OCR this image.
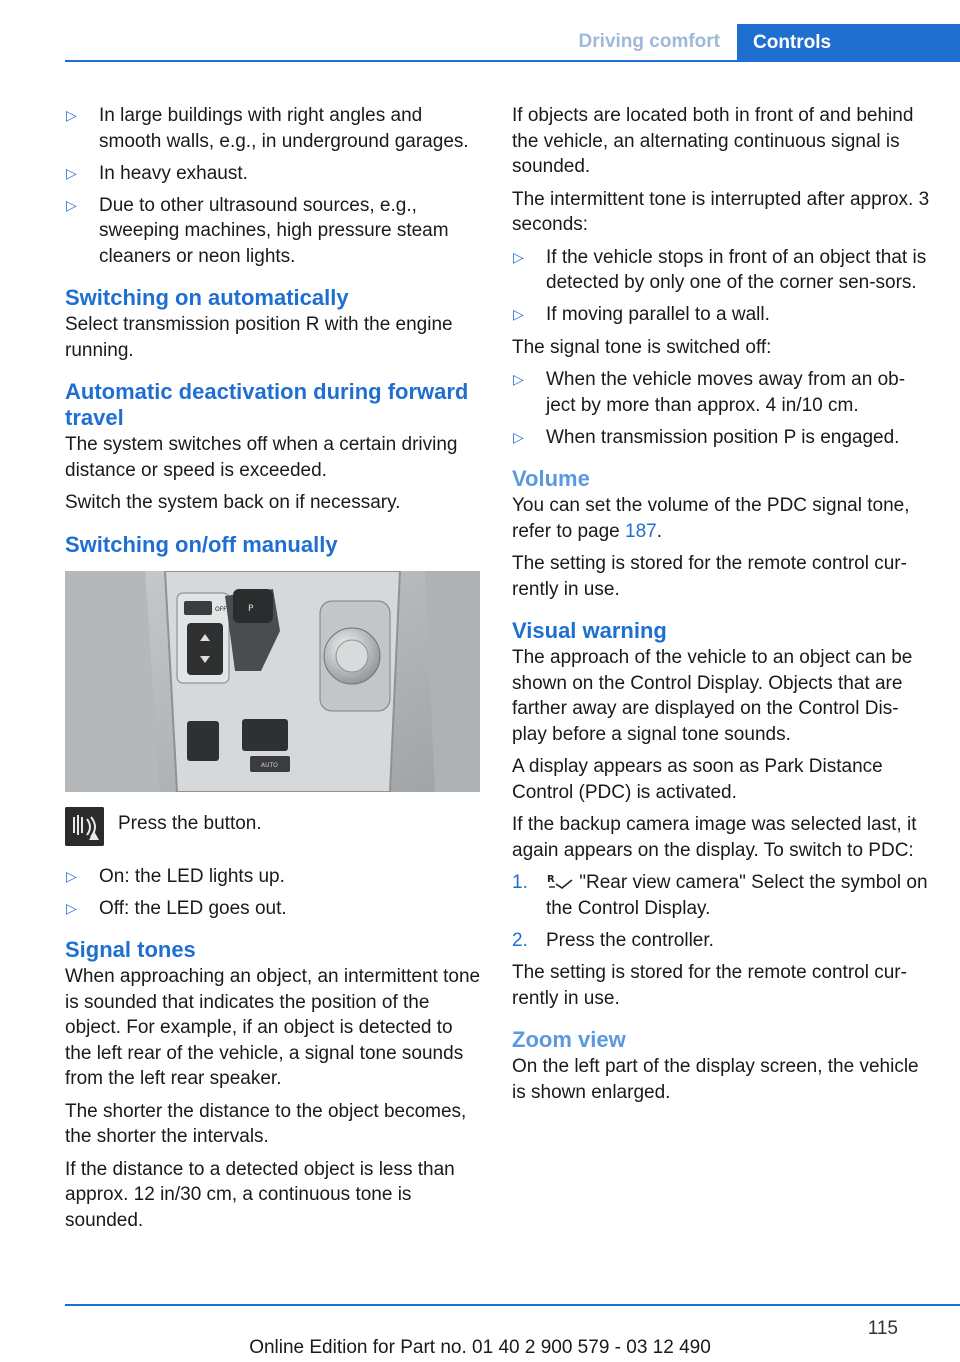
Driving comfort	Controls
▷ In large buildings with right angles and smooth walls, e.g., in underground garages.
▷ In heavy exhaust.
▷ Due to other ultrasound sources, e.g., sweeping machines, high pressure steam cleaners or neon lights.
Switching on automatically

Select transmission position R with the engine running.

Automatic deactivation during forward travel

The system switches off when a certain driving distance or speed is exceeded.

Switch the system back on if necessary.

Switching on/off manually
OFF P
AUTO
Press the button.
▷ On: the LED lights up.
▷ Off: the LED goes out.
Signal tones

When approaching an object, an intermittent tone is sounded that indicates the position of the object. For example, if an object is detected to the left rear of the vehicle, a signal tone sounds from the left rear speaker.

The shorter the distance to the object becomes, the shorter the intervals.

If the distance to a detected object is less than approx. 12 in/30 cm, a continuous tone is sounded.

If objects are located both in front of and behind the vehicle, an alternating continuous signal is sounded.

The intermittent tone is interrupted after approx. 3 seconds:

▷ If the vehicle stops in front of an object that is detected by only one of the corner sen‐sors.
▷ If moving parallel to a wall.

The signal tone is switched off:

▷ When the vehicle moves away from an ob‐ject by more than approx. 4 in/10 cm.
▷ When transmission position P is engaged.
Volume

You can set the volume of the PDC signal tone, refer to page 187.

The setting is stored for the remote control cur‐rently in use.

Visual warning

The approach of the vehicle to an object can be shown on the Control Display. Objects that are farther away are displayed on the Control Dis‐play before a signal tone sounds.

A display appears as soon as Park Distance Control (PDC) is activated.

If the backup camera image was selected last, it again appears on the display. To switch to PDC:

1. R "Rear view camera" Select the symbol on the Control Display.
2. Press the controller.

The setting is stored for the remote control cur‐rently in use.

Zoom view

On the left part of the display screen, the vehicle is shown enlarged.

115
Online Edition for Part no. 01 40 2 900 579 - 03 12 490
